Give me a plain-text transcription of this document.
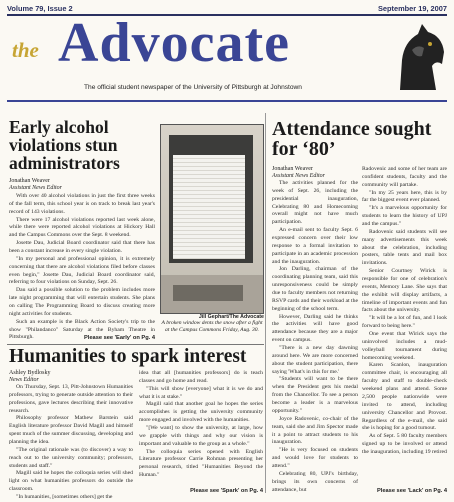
Volume 79, Issue 2	September 19, 2007
the Advocate
The official student newspaper of the University of Pittsburgh at Johnstown
Early alcohol violations stun administrators
Jonathan Weaver
Assistant News Editor

With over 40 alcohol violations in just the first three weeks of the fall term, this school year is on track to break last year's record of 143 violations.

There were 17 alcohol violations reported last week alone, while there were reported alcohol violations at Hickory Hall and the Campus Commons over the Sept. 8 weekend.

Josette Dau, Judicial Board coordinator said that there has been a constant increase in every single violation.

"In my personal and professional opinion, it is extremely concerning that there are alcohol violations filed before classes even begin," Josette Dau, Judicial Board coordinator said, referring to four violations on Sunday, Sept. 26.

Dau said a possible solution to the problem includes more late night programming that will entertain students. She plans on calling The Programming Board to discuss creating more night activities for students.

Such an example is the Black Action Society's trip to the show "Philandanco" Saturday at the Byham Theatre in Pittsburgh.	Please see 'Early' on Pg. 4
Jill Gephart/The Advocate
A broken window dents the snow after a fight at the Campus Commons Friday, Aug. 30.
Humanities to spark interest
Ashley Bydlosky
News Editor

On Thursday, Sept. 13, Pitt-Johnstown Humanities professors, trying to generate outside attention to their professions, gave lectures describing their innovative research.

Philosophy professor Mathew Barstein said English literature professor David Magill and himself spent much of the summer discussing, developing and planning the idea.

"The original rationale was (to discover) a way to reach out to the university community; professors, students and staff."

Magill said he hopes the colloquia series will shed light on what humanities professors do outside the classroom.

"In humanities, [sometimes others] get the

idea that all [humanities professors] do is teach classes and go home and read.

"This will show [everyone] what it is we do and what it is at stake."

Magill said that another goal he hopes the series accomplishes is getting the university community more engaged and involved with the humanities.

"[We want] to show the university, at large, how we grapple with things and why our vision is important and valuable to the group as a whole."

The colloquia series opened with English Literature professor Carrie Rohman presenting her personal research, titled "Humanities Beyond the Human."

Please see 'Spark' on Pg. 4
Attendance sought for ‘80’
Jonathan Weaver
Assistant News Editor

The activities planned for the week of Sept. 26, including the presidential inauguration, Celebrating 80 and Homecoming overall might not have much participation.

An e-mail sent to faculty Sept. 6 expressed concern over their low response to a formal invitation to participate in an academic procession and the inauguration.

Jon Darling, chairman of the coordinating planning team, said this unresponsiveness could be simply due to faculty members not returning RSVP cards and their workload at the beginning of the school term.

However, Darling said he thinks the activities will have good attendance because they are a major event on campus.

"There is a new day dawning around here. We are more concerned about the student participation, there saying 'What's in this for me.'

"Students will want to be there when the President gets his medal from the Chancellor. To see a person become a leader is a marvelous opportunity."

Joyce Radovenic, co-chair of the team, said she and Jim Spector made it a point to attract students to his inauguration.

"He is very focused on students and would love for students to attend."

Celebrating 80, UPJ's birthday, brings its own concerns of attendance, but

Radovenic and some of her team are confident students, faculty and the community will partake.

"In my 25 years here, this is by far the biggest event ever planned.

"It's a marvelous opportunity for students to learn the history of UPJ and the campus."

Radovenic said students will see many advertisements this week about the celebration, including posters, table tents and mail box invitations.

Senior Courtney Wirick is responsible for one of celebration's events, Memory Lane. She says that the exhibit will display artifacts, a timeline of important events and fun facts about the university.

"It will be a lot of fun, and I look forward to being here."

One event that Wirick says the uninvolved includes a mud-volleyball tournament during homecoming weekend.

Karen Scanlon, inauguration committee chair, is encouraging all faculty and staff to double-check weekend plans and attend. Some 2,500 people nationwide were invited to attend, including university Chancellor and Provost. Regardless of the e-mail, she said she is hoping for a good turnout.

As of Sept. 5 80 faculty members signed up to be involved or attend the inauguration, including 19 retired

Please see 'Lack' on Pg. 4
